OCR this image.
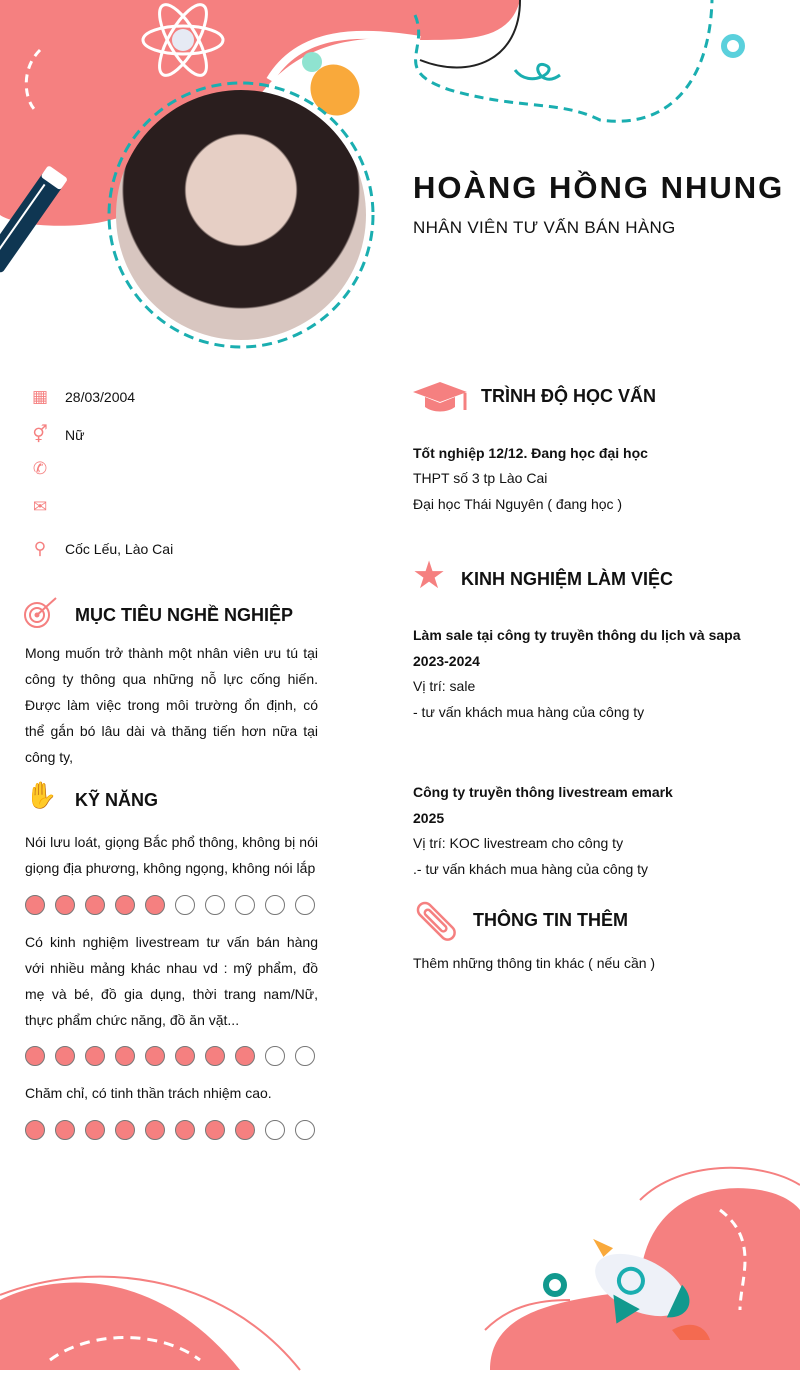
HOÀNG HỒNG NHUNG
NHÂN VIÊN TƯ VẤN BÁN HÀNG
▦ 28/03/2004
⚥ Nữ
✆
✉
⚲ Cốc Lếu, Lào Cai
MỤC TIÊU NGHỀ NGHIỆP
Mong muốn trở thành một nhân viên ưu tú tại công ty thông qua những nỗ lực cống hiến. Được làm việc trong môi trường ổn định, có thể gắn bó lâu dài và thăng tiến hơn nữa tại công ty,
✋ KỸ NĂNG
Nói lưu loát, giọng Bắc phổ thông, không bị nói giọng địa phương, không ngọng, không nói lắp
Có kinh nghiệm livestream tư vấn bán hàng với nhiều mảng khác nhau vd : mỹ phẩm, đồ mẹ và bé, đồ gia dụng, thời trang nam/Nữ, thực phẩm chức năng, đồ ăn vặt...
Chăm chỉ, có tinh thần trách nhiệm cao.
TRÌNH ĐỘ HỌC VẤN
Tốt nghiệp 12/12. Đang học đại học
THPT số 3 tp Lào Cai
Đại học Thái Nguyên ( đang học )
★ KINH NGHIỆM LÀM VIỆC
Làm sale tại công ty truyền thông du lịch và sapa
2023-2024
Vị trí: sale
- tư vấn khách mua hàng của công ty
Công ty truyền thông livestream emark
2025
Vị trí: KOC livestream cho công ty
.- tư vấn khách mua hàng của công ty
THÔNG TIN THÊM
Thêm những thông tin khác ( nếu cần )
